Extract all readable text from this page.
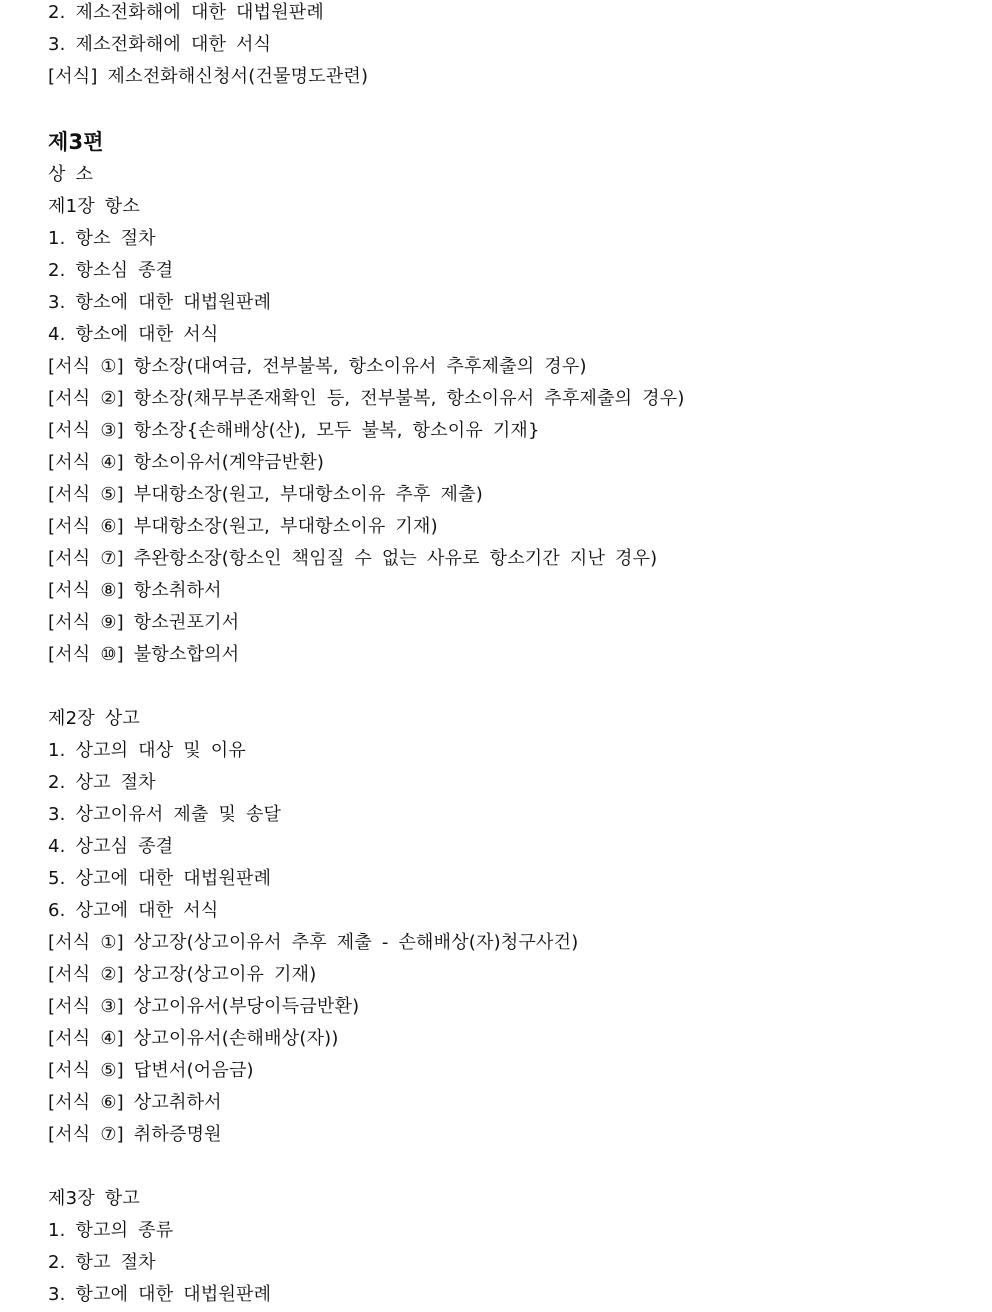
2. 제소전화해에 대한 대법원판례
3. 제소전화해에 대한 서식
[서식] 제소전화해신청서(건물명도관련)
제3편
상 소
제1장 항소
1. 항소 절차
2. 항소심 종결
3. 항소에 대한 대법원판례
4. 항소에 대한 서식
[서식 ①] 항소장(대여금, 전부불복, 항소이유서 추후제출의 경우)
[서식 ②] 항소장(채무부존재확인 등, 전부불복, 항소이유서 추후제출의 경우)
[서식 ③] 항소장{손해배상(산), 모두 불복, 항소이유 기재}
[서식 ④] 항소이유서(계약금반환)
[서식 ⑤] 부대항소장(원고, 부대항소이유 추후 제출)
[서식 ⑥] 부대항소장(원고, 부대항소이유 기재)
[서식 ⑦] 추완항소장(항소인 책임질 수 없는 사유로 항소기간 지난 경우)
[서식 ⑧] 항소취하서
[서식 ⑨] 항소권포기서
[서식 ⑩] 불항소합의서
제2장 상고
1. 상고의 대상 및 이유
2. 상고 절차
3. 상고이유서 제출 및 송달
4. 상고심 종결
5. 상고에 대한 대법원판례
6. 상고에 대한 서식
[서식 ①] 상고장(상고이유서 추후 제출 - 손해배상(자)청구사건)
[서식 ②] 상고장(상고이유 기재)
[서식 ③] 상고이유서(부당이득금반환)
[서식 ④] 상고이유서(손해배상(자))
[서식 ⑤] 답변서(어음금)
[서식 ⑥] 상고취하서
[서식 ⑦] 취하증명원
제3장 항고
1. 항고의 종류
2. 항고 절차
3. 항고에 대한 대법원판례
